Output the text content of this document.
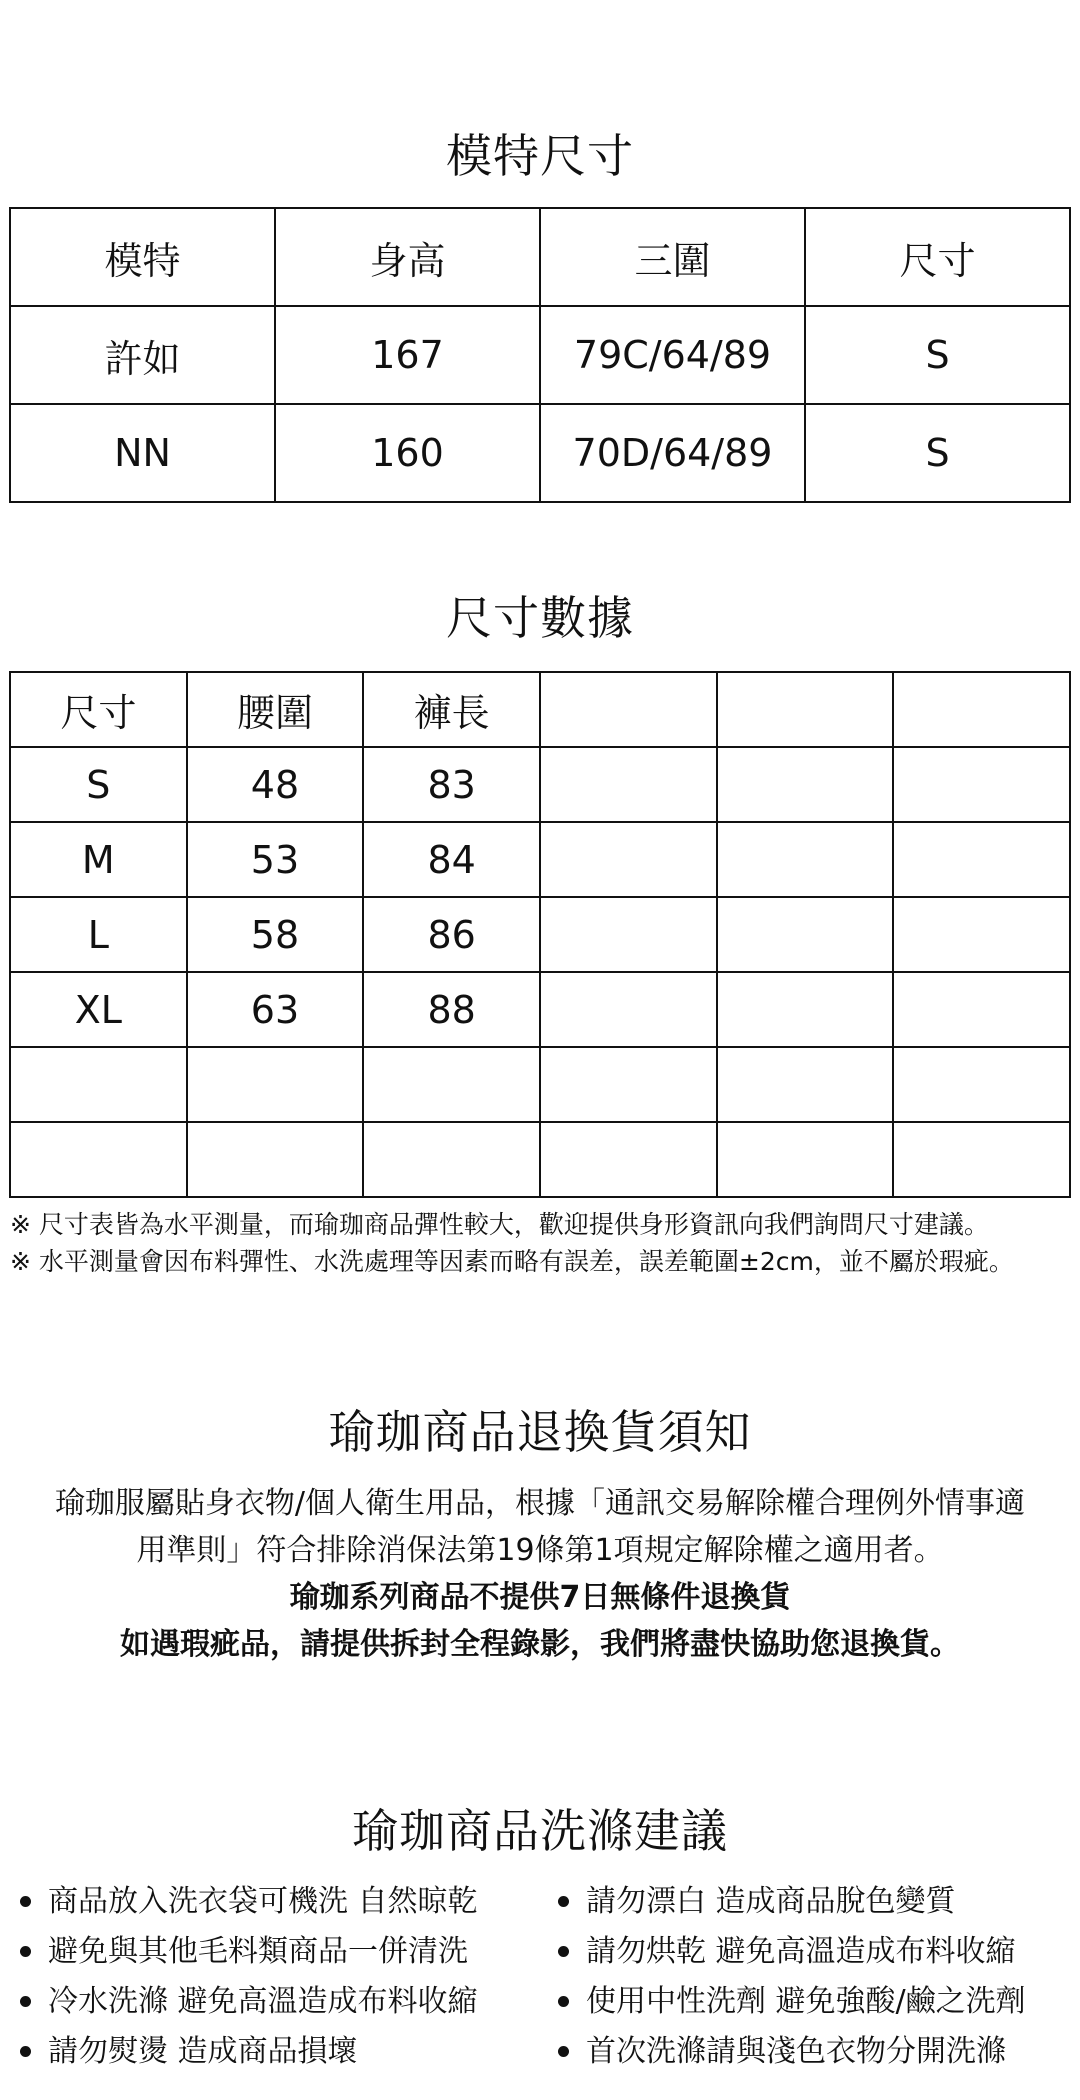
模特尺寸
模特	身高	三圍	尺寸
許如	167	79C/64/89	S
NN	160	70D/64/89	S
尺寸數據
尺寸	腰圍	褲長			
S	48	83			
M	53	84			
L	58	86			
XL	63	88			

※ 尺寸表皆為水平測量，而瑜珈商品彈性較大，歡迎提供身形資訊向我們詢問尺寸建議。
※ 水平測量會因布料彈性、水洗處理等因素而略有誤差，誤差範圍±2cm，並不屬於瑕疵。
瑜珈商品退換貨須知

瑜珈服屬貼身衣物/個人衛生用品，根據「通訊交易解除權合理例外情事適

用準則」符合排除消保法第19條第1項規定解除權之適用者。

瑜珈系列商品不提供7日無條件退換貨

如遇瑕疵品，請提供拆封全程錄影，我們將盡快協助您退換貨。

瑜珈商品洗滌建議
商品放入洗衣袋可機洗 自然晾乾
避免與其他毛料類商品一併清洗
冷水洗滌 避免高溫造成布料收縮
請勿熨燙 造成商品損壞
請勿漂白 造成商品脫色變質
請勿烘乾 避免高溫造成布料收縮
使用中性洗劑 避免強酸/鹼之洗劑
首次洗滌請與淺色衣物分開洗滌
